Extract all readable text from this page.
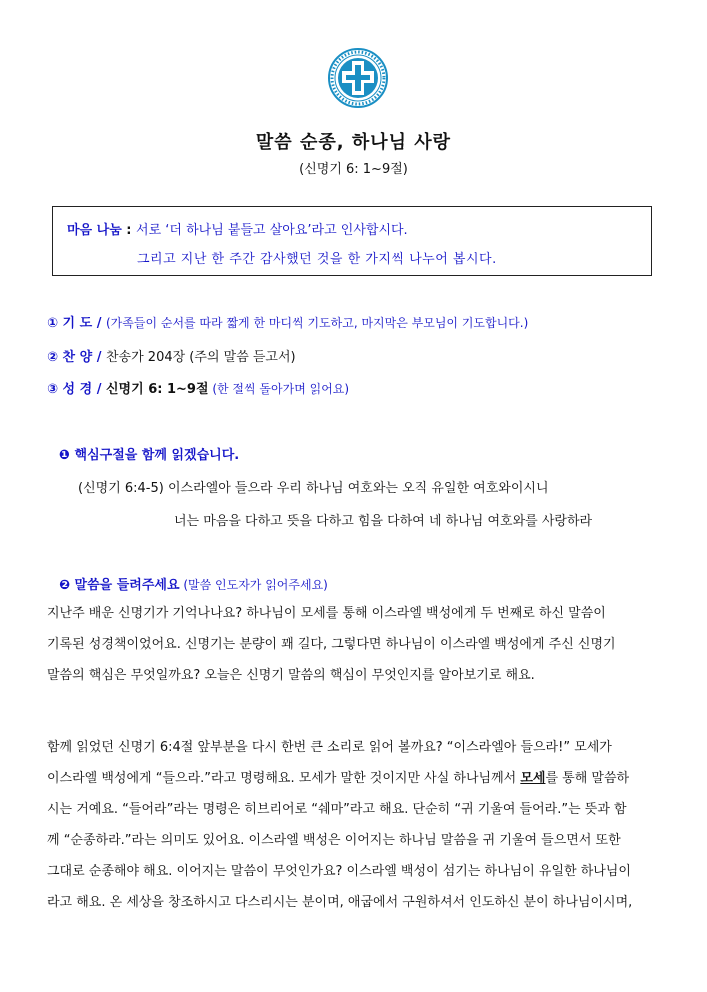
말씀 순종, 하나님 사랑
(신명기 6: 1~9절)
마음 나눔 : 서로 ‘더 하나님 붙들고 살아요’라고 인사합시다.
그리고 지난 한 주간 감사했던 것을 한 가지씩 나누어 봅시다.
① 기 도 / (가족들이 순서를 따라 짧게 한 마디씩 기도하고, 마지막은 부모님이 기도합니다.)
② 찬 양 / 찬송가 204장 (주의 말씀 듣고서)
③ 성 경 / 신명기 6: 1~9절 (한 절씩 돌아가며 읽어요)
❶ 핵심구절을 함께 읽겠습니다.
(신명기 6:4-5) 이스라엘아 들으라 우리 하나님 여호와는 오직 유일한 여호와이시니
너는 마음을 다하고 뜻을 다하고 힘을 다하여 네 하나님 여호와를 사랑하라
❷ 말씀을 들려주세요 (말씀 인도자가 읽어주세요)

지난주 배운 신명기가 기억나나요? 하나님이 모세를 통해 이스라엘 백성에게 두 번째로 하신 말씀이

기록된 성경책이었어요. 신명기는 분량이 꽤 길다, 그렇다면 하나님이 이스라엘 백성에게 주신 신명기

말씀의 핵심은 무엇일까요? 오늘은 신명기 말씀의 핵심이 무엇인지를 알아보기로 해요.

함께 읽었던 신명기 6:4절 앞부분을 다시 한번 큰 소리로 읽어 볼까요? “이스라엘아 들으라!” 모세가

이스라엘 백성에게 “들으라.”라고 명령해요. 모세가 말한 것이지만 사실 하나님께서 모세를 통해 말씀하

시는 거예요. “들어라”라는 명령은 히브리어로 “쉐마”라고 해요. 단순히 “귀 기울여 들어라.”는 뜻과 함

께 “순종하라.”라는 의미도 있어요. 이스라엘 백성은 이어지는 하나님 말씀을 귀 기울여 들으면서 또한

그대로 순종해야 해요. 이어지는 말씀이 무엇인가요? 이스라엘 백성이 섬기는 하나님이 유일한 하나님이

라고 해요. 온 세상을 창조하시고 다스리시는 분이며, 애굽에서 구원하셔서 인도하신 분이 하나님이시며,
